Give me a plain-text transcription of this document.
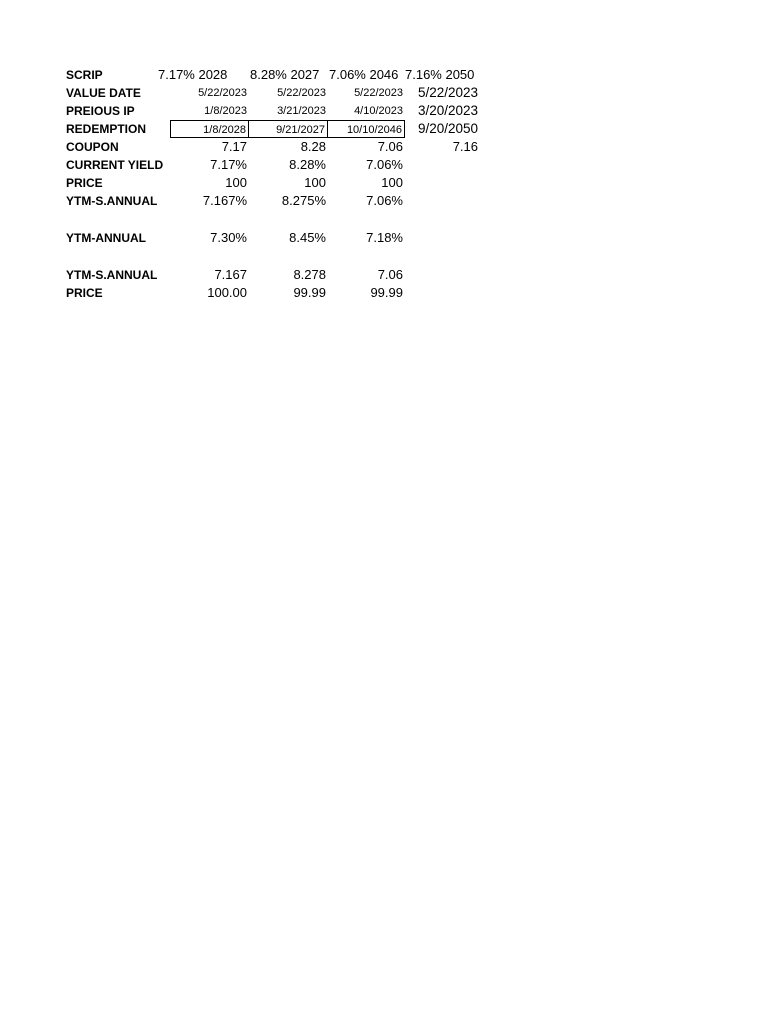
SCRIP	7.17% 2028 8.28% 2027 7.06% 2046 7.16% 2050
VALUE DATE	5/22/2023	5/22/2023	5/22/2023	5/22/2023
PREIOUS IP	1/8/2023	3/21/2023	4/10/2023	3/20/2023
REDEMPTION	1/8/2028	9/21/2027	10/10/2046	9/20/2050
COUPON	7.17	8.28	7.06	7.16
CURRENT YIELD	7.17%	8.28%	7.06%
PRICE	100	100	100
YTM-S.ANNUAL	7.167%	8.275%	7.06%
YTM-ANNUAL	7.30%	8.45%	7.18%
YTM-S.ANNUAL	7.167	8.278	7.06
PRICE	100.00	99.99	99.99
